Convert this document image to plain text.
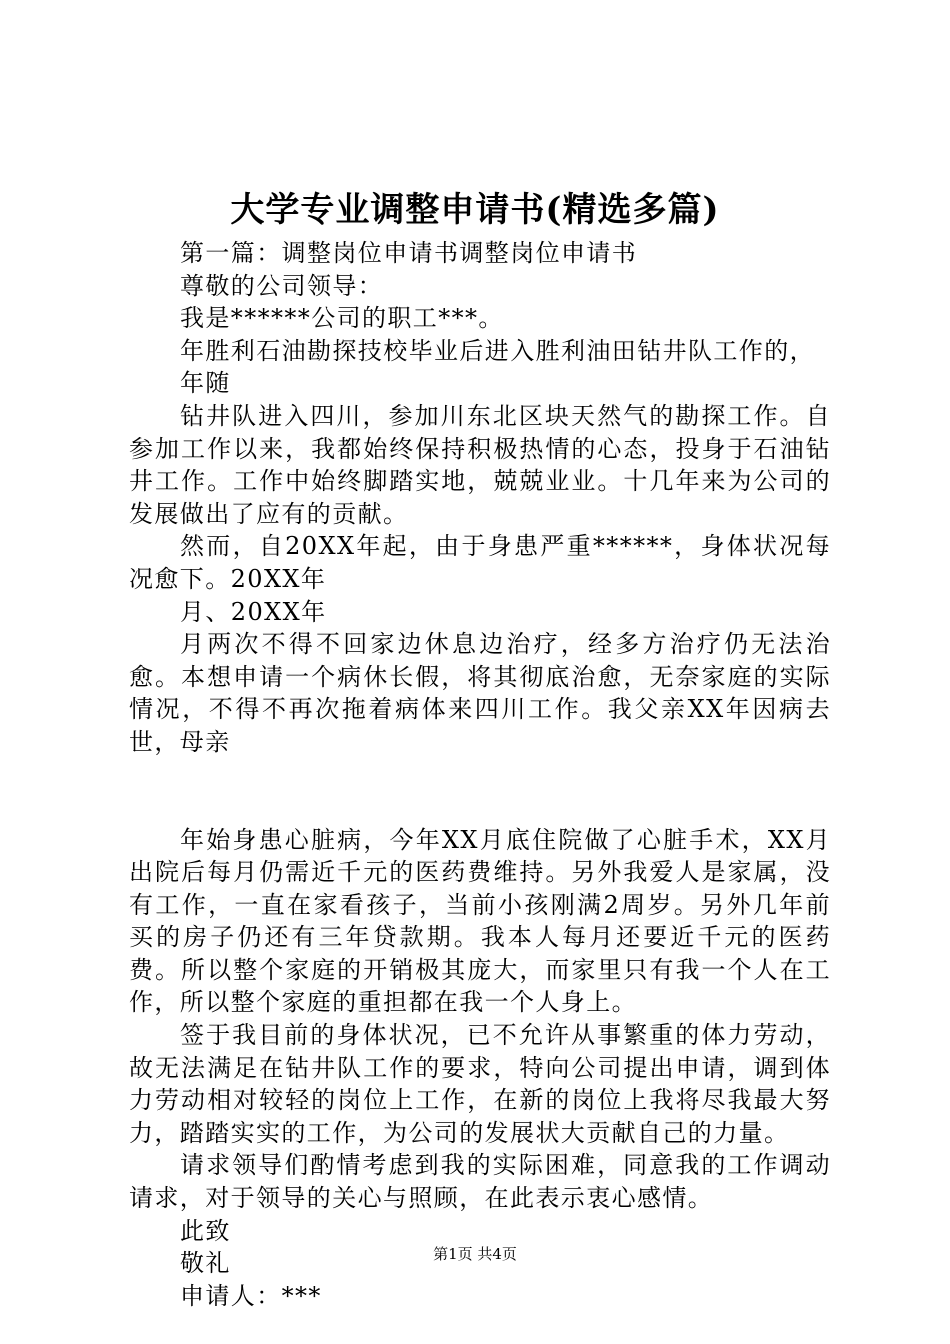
大学专业调整申请书(精选多篇)

第一篇：调整岗位申请书调整岗位申请书

尊敬的公司领导：

我是******公司的职工***。

年胜利石油勘探技校毕业后进入胜利油田钻井队工作的，

年随

钻井队进入四川，参加川东北区块天然气的勘探工作。自参加工作以来，我都始终保持积极热情的心态，投身于石油钻井工作。工作中始终脚踏实地，兢兢业业。十几年来为公司的发展做出了应有的贡献。

然而，自20XX年起，由于身患严重******，身体状况每况愈下。20XX年

月、20XX年

月两次不得不回家边休息边治疗，经多方治疗仍无法治愈。本想申请一个病休长假，将其彻底治愈，无奈家庭的实际情况，不得不再次拖着病体来四川工作。我父亲XX年因病去世，母亲

年始身患心脏病，今年XX月底住院做了心脏手术，XX月出院后每月仍需近千元的医药费维持。另外我爱人是家属，没有工作，一直在家看孩子，当前小孩刚满2周岁。另外几年前买的房子仍还有三年贷款期。我本人每月还要近千元的医药费。所以整个家庭的开销极其庞大，而家里只有我一个人在工作，所以整个家庭的重担都在我一个人身上。

签于我目前的身体状况，已不允许从事繁重的体力劳动，故无法满足在钻井队工作的要求，特向公司提出申请，调到体力劳动相对较轻的岗位上工作，在新的岗位上我将尽我最大努力，踏踏实实的工作，为公司的发展状大贡献自己的力量。

请求领导们酌情考虑到我的实际困难，同意我的工作调动请求，对于领导的关心与照顾，在此表示衷心感情。

此致

敬礼

申请人：***

第1页 共4页
